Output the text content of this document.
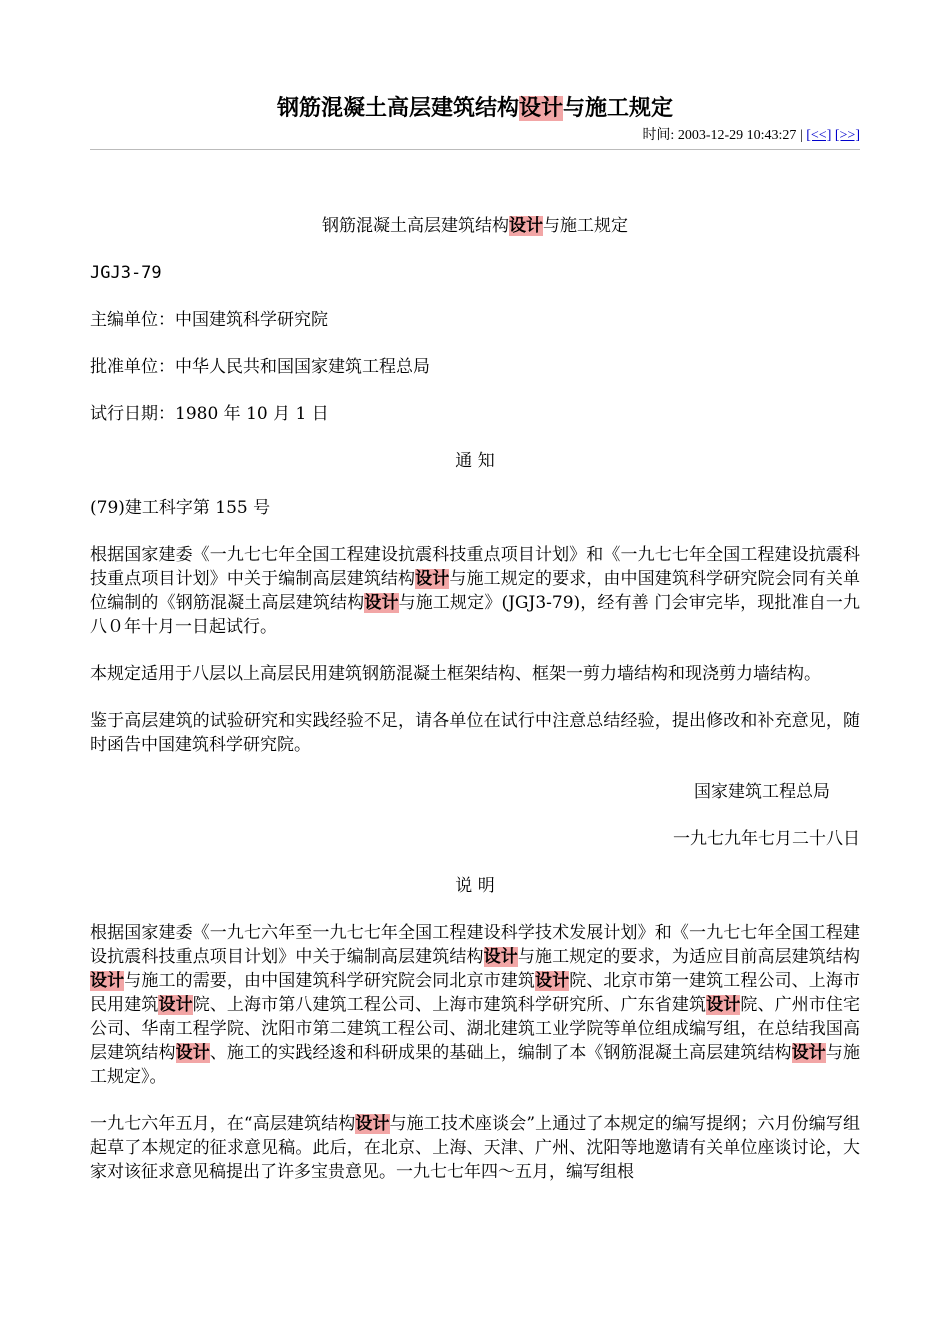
钢筋混凝土高层建筑结构设计与施工规定
时间: 2003-12-29 10:43:27 | [<<] [>>]

钢筋混凝土高层建筑结构设计与施工规定

JGJ3-79

主编单位：中国建筑科学研究院

批准单位：中华人民共和国国家建筑工程总局

试行日期：1980 年 10 月 1 日

通 知

(79)建工科字第 155 号

根据国家建委《一九七七年全国工程建设抗震科技重点项目计划》和《一九七七年全国工程建设抗震科技重点项目计划》中关于编制高层建筑结构设计与施工规定的要求，由中国建筑科学研究院会同有关单位编制的《钢筋混凝土高层建筑结构设计与施工规定》(JGJ3-79)，经有善 门会审完毕，现批准自一九八０年十月一日起试行。

本规定适用于八层以上高层民用建筑钢筋混凝土框架结构、框架一剪力墙结构和现浇剪力墙结构。

鉴于高层建筑的试验研究和实践经验不足，请各单位在试行中注意总结经验，提出修改和补充意见，随时函告中国建筑科学研究院。

国家建筑工程总局

一九七九年七月二十八日

说 明

根据国家建委《一九七六年至一九七七年全国工程建设科学技术发展计划》和《一九七七年全国工程建设抗震科技重点项目计划》中关于编制高层建筑结构设计与施工规定的要求，为适应目前高层建筑结构设计与施工的需要，由中国建筑科学研究院会同北京市建筑设计院、北京市第一建筑工程公司、上海市民用建筑设计院、上海市第八建筑工程公司、上海市建筑科学研究所、广东省建筑设计院、广州市住宅公司、华南工程学院、沈阳市第二建筑工程公司、湖北建筑工业学院等单位组成编写组，在总结我国高层建筑结构设计、施工的实践经逡和科研成果的基础上，编制了本《钢筋混凝土高层建筑结构设计与施工规定》。

一九七六年五月，在“高层建筑结构设计与施工技术座谈会”上通过了本规定的编写提纲；六月份编写组起草了本规定的征求意见稿。此后，在北京、上海、天津、广州、沈阳等地邀请有关单位座谈讨论，大家对该征求意见稿提出了许多宝贵意见。一九七七年四～五月，编写组根
